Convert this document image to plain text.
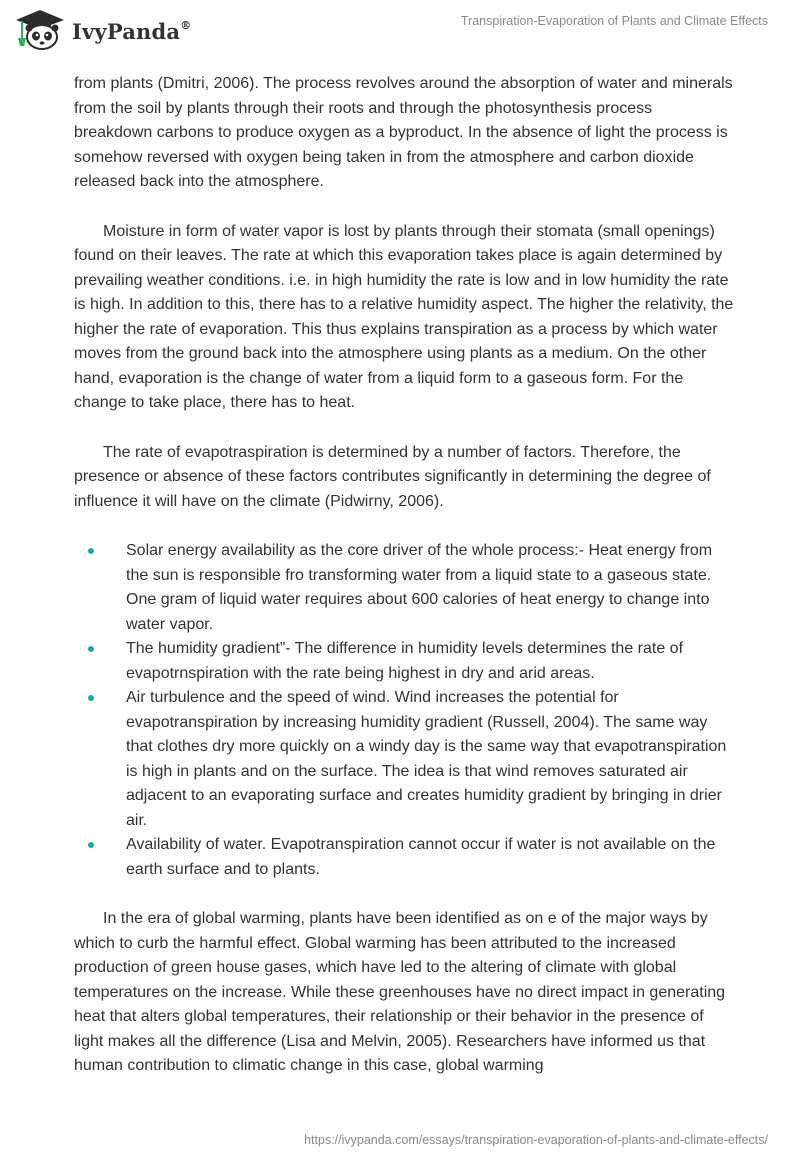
IvyPanda®	Transpiration-Evaporation of Plants and Climate Effects

from plants (Dmitri, 2006). The process revolves around the absorption of water and minerals from the soil by plants through their roots and through the photosynthesis process breakdown carbons to produce oxygen as a byproduct. In the absence of light the process is somehow reversed with oxygen being taken in from the atmosphere and carbon dioxide released back into the atmosphere.

Moisture in form of water vapor is lost by plants through their stomata (small openings) found on their leaves. The rate at which this evaporation takes place is again determined by prevailing weather conditions. i.e. in high humidity the rate is low and in low humidity the rate is high. In addition to this, there has to a relative humidity aspect. The higher the relativity, the higher the rate of evaporation. This thus explains transpiration as a process by which water moves from the ground back into the atmosphere using plants as a medium. On the other hand, evaporation is the change of water from a liquid form to a gaseous form. For the change to take place, there has to heat.

The rate of evapotraspiration is determined by a number of factors. Therefore, the presence or absence of these factors contributes significantly in determining the degree of influence it will have on the climate (Pidwirny, 2006).

Solar energy availability as the core driver of the whole process:- Heat energy from the sun is responsible fro transforming water from a liquid state to a gaseous state. One gram of liquid water requires about 600 calories of heat energy to change into water vapor.
The humidity gradient”- The difference in humidity levels determines the rate of evapotrnspiration with the rate being highest in dry and arid areas.
Air turbulence and the speed of wind. Wind increases the potential for evapotranspiration by increasing humidity gradient (Russell, 2004). The same way that clothes dry more quickly on a windy day is the same way that evapotranspiration is high in plants and on the surface. The idea is that wind removes saturated air adjacent to an evaporating surface and creates humidity gradient by bringing in drier air.
Availability of water. Evapotranspiration cannot occur if water is not available on the earth surface and to plants.

In the era of global warming, plants have been identified as on e of the major ways by which to curb the harmful effect. Global warming has been attributed to the increased production of green house gases, which have led to the altering of climate with global temperatures on the increase. While these greenhouses have no direct impact in generating heat that alters global temperatures, their relationship or their behavior in the presence of light makes all the difference (Lisa and Melvin, 2005). Researchers have informed us that human contribution to climatic change in this case, global warming

https://ivypanda.com/essays/transpiration-evaporation-of-plants-and-climate-effects/
